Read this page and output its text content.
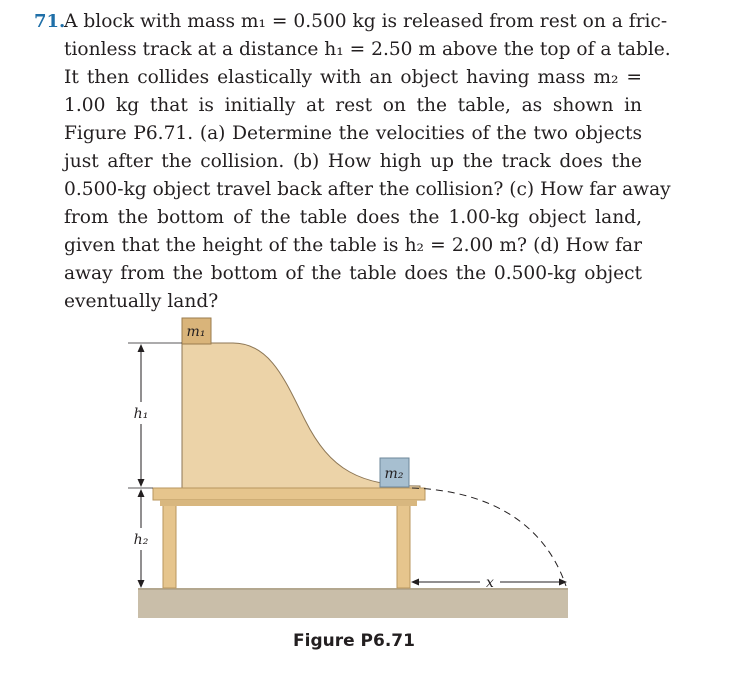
71.
A block with mass m₁ = 0.500 kg is released from rest on a fric-
tionless track at a distance h₁ = 2.50 m above the top of a table.
It then collides elastically with an object having mass m₂ =
1.00 kg that is initially at rest on the table, as shown in
Figure P6.71. (a) Determine the velocities of the two objects
just after the collision. (b) How high up the track does the
0.500-kg object travel back after the collision? (c) How far away
from the bottom of the table does the 1.00-kg object land,
given that the height of the table is h₂ = 2.00 m? (d) How far
away from the bottom of the table does the 0.500-kg object
eventually land?
m₁
m₂
h₁
h₂
x
Figure P6.71
